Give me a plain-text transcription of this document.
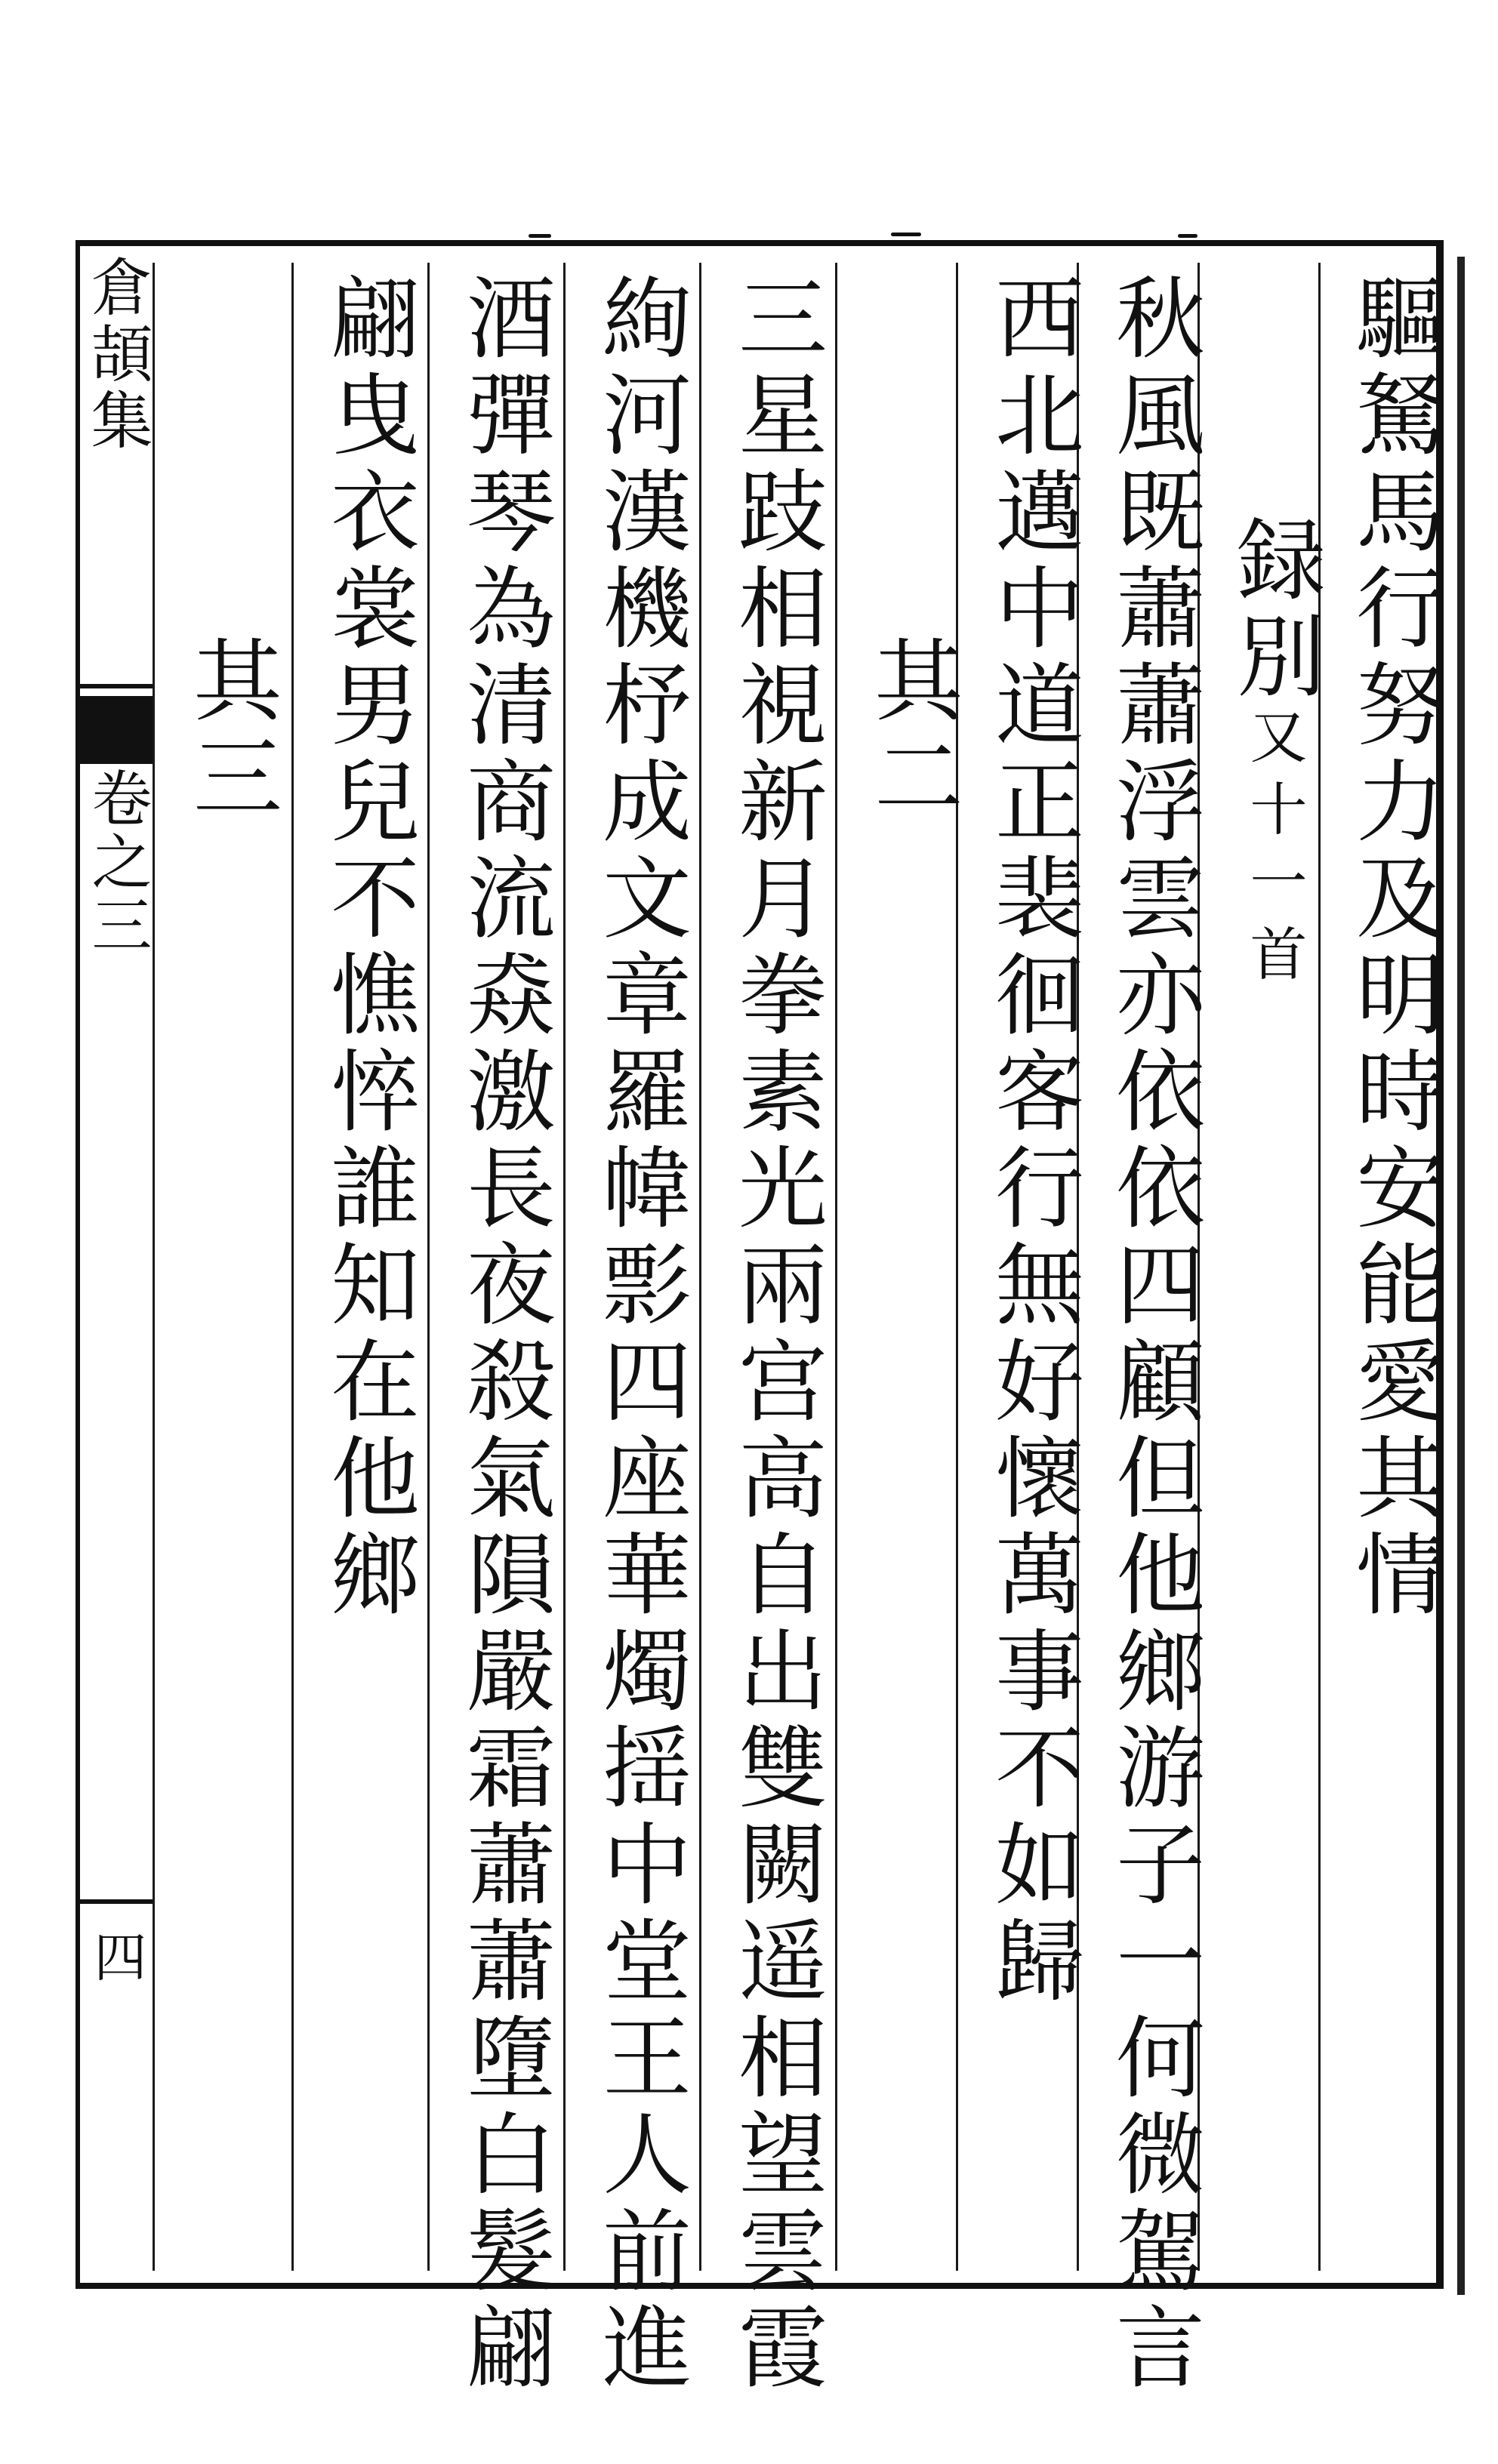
倉頡集
卷之三
四
驅駑馬行努力及明時安能愛其情
録別又十一首
秋風既蕭蕭浮雲亦依依四顧但他鄉游子一何微駕言
西北邁中道正裴徊客行無好懷萬事不如歸
其二
三星跂相視新月拳素光兩宫高自出雙闕遥相望雲霞
絢河漢機杼成文章羅幃彯四座華燭揺中堂王人前進
酒彈琴為清商流猋激長夜殺氣隕嚴霜蕭蕭墮白髮翩
翩曳衣裳男兒不憔悴誰知在他鄉
其三
